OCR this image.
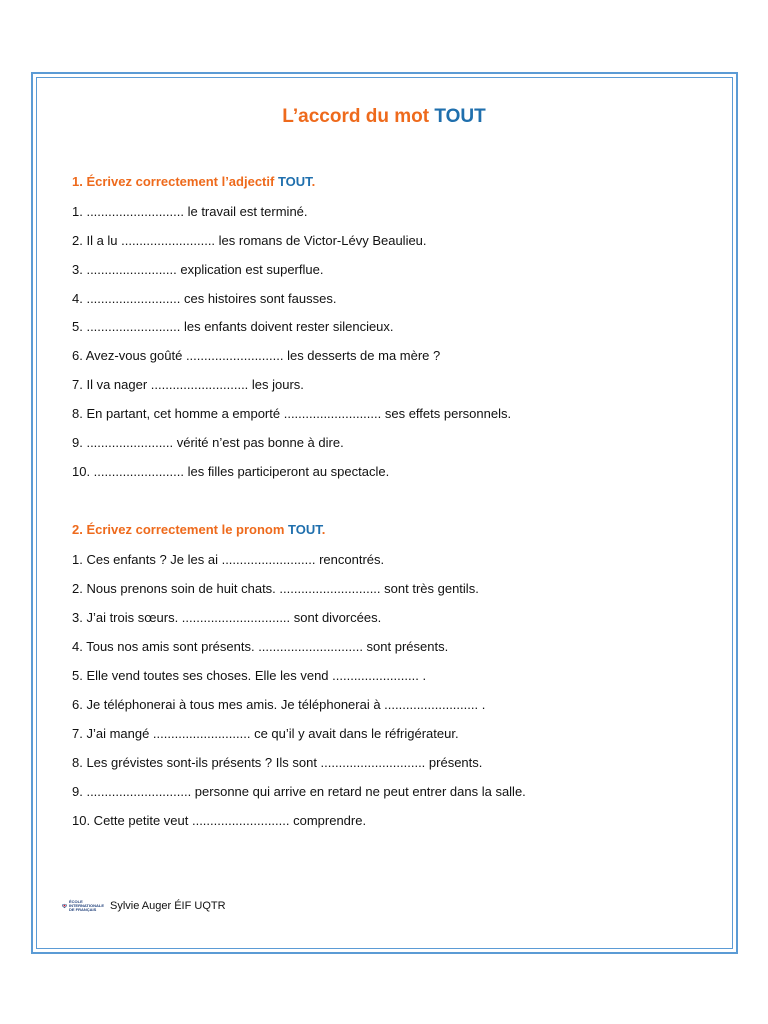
L’accord du mot TOUT

1. Écrivez correctement l’adjectif TOUT.

1. ........................... le travail est terminé.
2. Il a lu .......................... les romans de Victor-Lévy Beaulieu.
3. ......................... explication est superflue.
4. .......................... ces histoires sont fausses.
5. .......................... les enfants doivent rester silencieux.
6. Avez-vous goûté ........................... les desserts de ma mère ?
7. Il va nager ........................... les jours.
8. En partant, cet homme a emporté ........................... ses effets personnels.
9. ........................ vérité n’est pas bonne à dire.
10. ......................... les filles participeront au spectacle.

2. Écrivez correctement le pronom TOUT.

1. Ces enfants ? Je les ai .......................... rencontrés.
2. Nous prenons soin de huit chats. ............................ sont très gentils.
3. J’ai trois sœurs. .............................. sont divorcées.
4. Tous nos amis sont présents. ............................. sont présents.
5. Elle vend toutes ses choses. Elle les vend ........................ .
6. Je téléphonerai à tous mes amis. Je téléphonerai à .......................... .
7. J’ai mangé ........................... ce qu’il y avait dans le réfrigérateur.
8. Les grévistes sont-ils présents ? Ils sont ............................. présents.
9. ............................. personne qui arrive en retard ne peut entrer dans la salle.
10. Cette petite veut ........................... comprendre.
ÉCOLE INTERNATIONALE DE FRANÇAIS	Sylvie Auger ÉIF UQTR
